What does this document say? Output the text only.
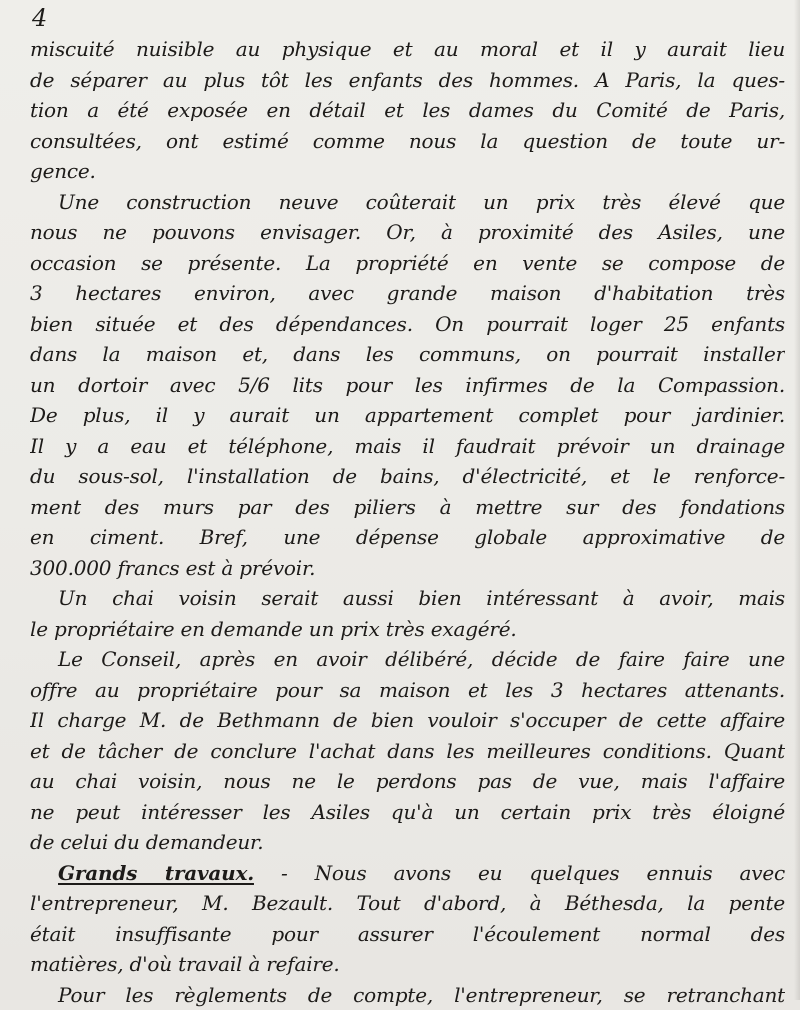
4
miscuité nuisible au physique et au moral et il y aurait lieu
de séparer au plus tôt les enfants des hommes. A Paris, la ques-
tion a été exposée en détail et les dames du Comité de Paris,
consultées, ont estimé comme nous la question de toute ur-
gence.
Une construction neuve coûterait un prix très élevé que
nous ne pouvons envisager. Or, à proximité des Asiles, une
occasion se présente. La propriété en vente se compose de
3 hectares environ, avec grande maison d'habitation très
bien située et des dépendances. On pourrait loger 25 enfants
dans la maison et, dans les communs, on pourrait installer
un dortoir avec 5/6 lits pour les infirmes de la Compassion.
De plus, il y aurait un appartement complet pour jardinier.
Il y a eau et téléphone, mais il faudrait prévoir un drainage
du sous-sol, l'installation de bains, d'électricité, et le renforce-
ment des murs par des piliers à mettre sur des fondations
en ciment. Bref, une dépense globale approximative de
300.000 francs est à prévoir.
Un chai voisin serait aussi bien intéressant à avoir, mais
le propriétaire en demande un prix très exagéré.
Le Conseil, après en avoir délibéré, décide de faire faire une
offre au propriétaire pour sa maison et les 3 hectares attenants.
Il charge M. de Bethmann de bien vouloir s'occuper de cette affaire
et de tâcher de conclure l'achat dans les meilleures conditions. Quant
au chai voisin, nous ne le perdons pas de vue, mais l'affaire
ne peut intéresser les Asiles qu'à un certain prix très éloigné
de celui du demandeur.
Grands travaux. - Nous avons eu quelques ennuis avec
l'entrepreneur, M. Bezault. Tout d'abord, à Béthesda, la pente
était insuffisante pour assurer l'écoulement normal des
matières, d'où travail à refaire.
Pour les règlements de compte, l'entrepreneur, se retranchant
